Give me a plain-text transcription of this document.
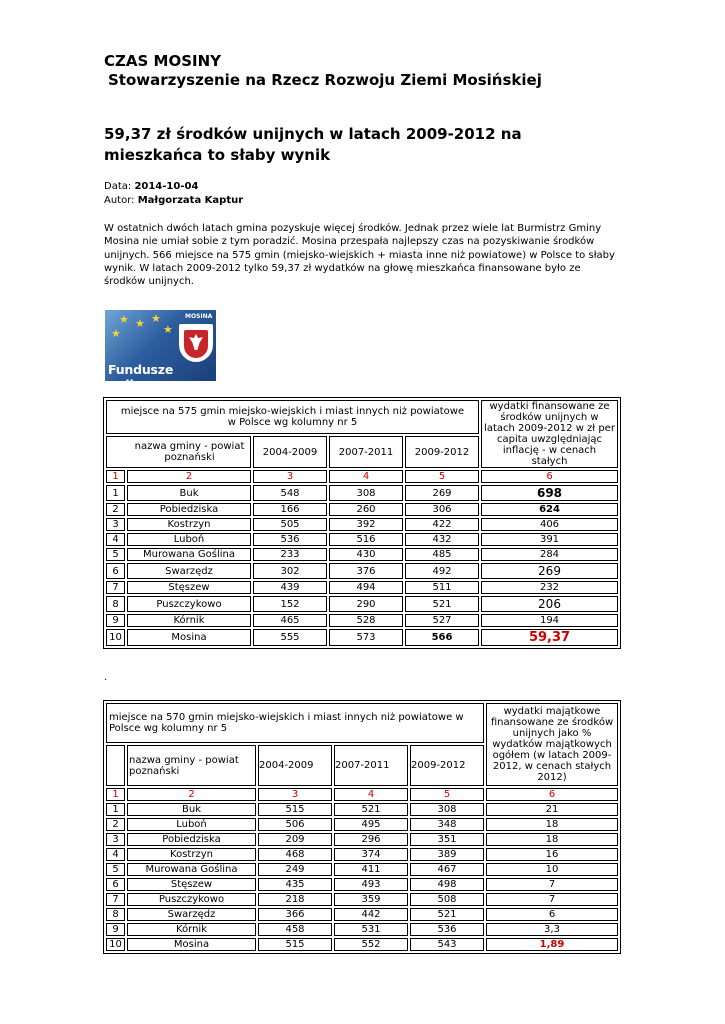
CZAS MOSINY
Stowarzyszenie na Rzecz Rozwoju Ziemi Mosińskiej
59,37 zł środków unijnych w latach 2009-2012 na mieszkańca to słaby wynik
Data: 2014-10-04
Autor: Małgorzata Kaptur
W ostatnich dwóch latach gmina pozyskuje więcej środków. Jednak przez wiele lat Burmistrz Gminy Mosina nie umiał sobie z tym poradzić. Mosina przespała najlepszy czas na pozyskiwanie środków unijnych. 566 miejsce na 575 gmin (miejsko-wiejskich + miasta inne niż powiatowe) w Polsce to słaby wynik. W latach 2009-2012 tylko 59,37 zł wydatków na głowę mieszkańca finansowane było ze środków unijnych.
★ ★ ★
★	★
MOSINA
Fundusze unijne
miejsce na 575 gmin miejsko-wiejskich i miast innych niż powiatowe w Polsce wg kolumny nr 5					wydatki finansowane ze środków unijnych w latach 2009-2012 w zł per capita uwzględniając inflację - w cenach stałych
nazwa gminy - powiat poznański		2004-2009	2007-2011	2009-2012	
1	2	3	4	5	6
1	Buk	548	308	269	698
2	Pobiedziska	166	260	306	624
3	Kostrzyn	505	392	422	406
4	Luboń	536	516	432	391
5	Murowana Goślina	233	430	485	284
6	Swarzędz	302	376	492	269
7	Stęszew	439	494	511	232
8	Puszczykowo	152	290	521	206
9	Kórnik	465	528	527	194
10	Mosina	555	573	566	59,37
.
miejsce na 570 gmin miejsko-wiejskich i miast innych niż powiatowe w Polsce wg kolumny nr 5					wydatki majątkowe finansowane ze środków unijnych jako % wydatków majątkowych ogółem (w latach 2009-2012, w cenach stałych 2012)
	nazwa gminy - powiat poznański	2004-2009	2007-2011	2009-2012	
1	2	3	4	5	6
1	Buk	515	521	308	21
2	Luboń	506	495	348	18
3	Pobiedziska	209	296	351	18
4	Kostrzyn	468	374	389	16
5	Murowana Goślina	249	411	467	10
6	Stęszew	435	493	498	7
7	Puszczykowo	218	359	508	7
8	Swarzędz	366	442	521	6
9	Kórnik	458	531	536	3,3
10	Mosina	515	552	543	1,89
